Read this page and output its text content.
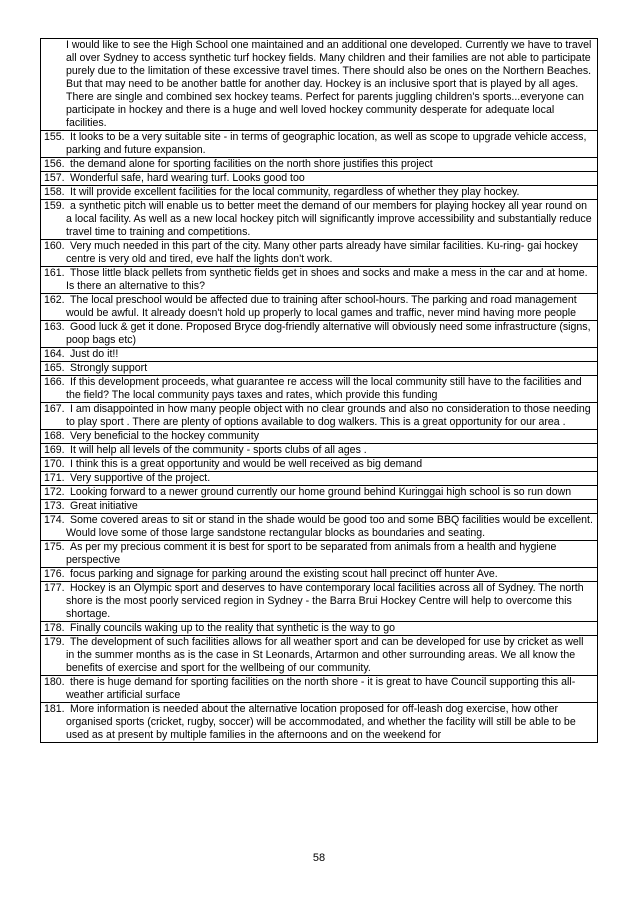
I would like to see the High School one maintained and an additional one developed. Currently we have to travel all over Sydney to access synthetic turf hockey fields. Many children and their families are not able to participate purely due to the limitation of these excessive travel times. There should also be ones on the Northern Beaches. But that may need to be another battle for another day. Hockey is an inclusive sport that is played by all ages. There are single and combined sex hockey teams. Perfect for parents juggling children's sports...everyone can participate in hockey and there is a huge and well loved hockey community desperate for adequate local facilities.

155. It looks to be a very suitable site - in terms of geographic location, as well as scope to upgrade vehicle access, parking and future expansion.

156. the demand alone for sporting facilities on the north shore justifies this project

157. Wonderful safe, hard wearing turf. Looks good too

158. It will provide excellent facilities for the local community, regardless of whether they play hockey.

159. a synthetic pitch will enable us to better meet the demand of our members for playing hockey all year round on a local facility. As well as a new local hockey pitch will significantly improve accessibility and substantially reduce travel time to training and competitions.

160. Very much needed in this part of the city. Many other parts already have similar facilities. Ku-ring- gai hockey centre is very old and tired, eve half the lights don't work.

161. Those little black pellets from synthetic fields get in shoes and socks and make a mess in the car and at home. Is there an alternative to this?

162. The local preschool would be affected due to training after school-hours. The parking and road management would be awful. It already doesn't hold up properly to local games and traffic, never mind having more people

163. Good luck & get it done. Proposed Bryce dog-friendly alternative will obviously need some infrastructure (signs, poop bags etc)

164. Just do it!!

165. Strongly support

166. If this development proceeds, what guarantee re access will the local community still have to the facilities and the field? The local community pays taxes and rates, which provide this funding

167. I am disappointed in how many people object with no clear grounds and also no consideration to those needing to play sport . There are plenty of options available to dog walkers. This is a great opportunity for our area .

168. Very beneficial to the hockey community

169. It will help all levels of the community - sports clubs of all ages .

170. I think this is a great opportunity and would be well received as big demand

171. Very supportive of the project.

172. Looking forward to a newer ground currently our home ground behind Kuringgai high school is so run down

173. Great initiative

174. Some covered areas to sit or stand in the shade would be good too and some BBQ facilities would be excellent. Would love some of those large sandstone rectangular blocks as boundaries and seating.

175. As per my precious comment it is best for sport to be separated from animals from a health and hygiene perspective

176. focus parking and signage for parking around the existing scout hall precinct off hunter Ave.

177. Hockey is an Olympic sport and deserves to have contemporary local facilities across all of Sydney. The north shore is the most poorly serviced region in Sydney - the Barra Brui Hockey Centre will help to overcome this shortage.

178. Finally councils waking up to the reality that synthetic is the way to go

179. The development of such facilities allows for all weather sport and can be developed for use by cricket as well in the summer months as is the case in St Leonards, Artarmon and other surrounding areas. We all know the benefits of exercise and sport for the wellbeing of our community.

180. there is huge demand for sporting facilities on the north shore - it is great to have Council supporting this all-weather artificial surface

181. More information is needed about the alternative location proposed for off-leash dog exercise, how other organised sports (cricket, rugby, soccer) will be accommodated, and whether the facility will still be able to be used as at present by multiple families in the afternoons and on the weekend for
58
